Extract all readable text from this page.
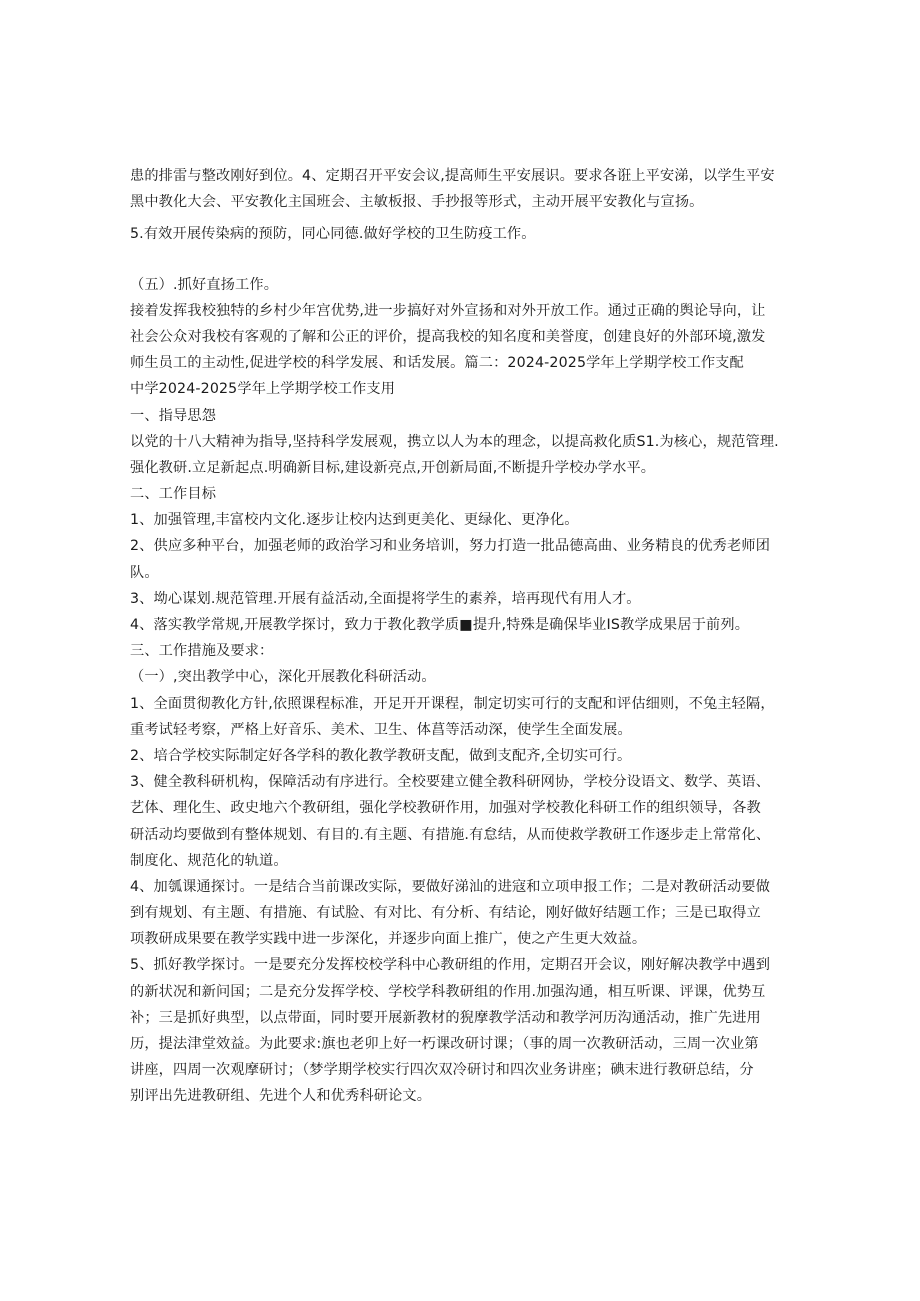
患的排雷与整改刚好到位。4、定期召开平安会议,提高师生平安展识。要求各诳上平安涕，以学生平安
黑中教化大会、平安教化主国班会、主敏板报、手抄报等形式，主动开展平安教化与宣扬。
5.有效开展传染病的预防，同心同德.做好学校的卫生防疫工作。
（五）.抓好直扬工作。
接着发挥我校独特的乡村少年宫优势,进一步搞好对外宣扬和对外开放工作。通过正确的舆论导向，让
社会公众对我校有客观的了解和公正的评价，提高我校的知名度和美誉度，创建良好的外部环境,激发
师生员工的主动性,促进学校的科学发展、和话发展。篇二：2024-2025学年上学期学校工作支配
中学2024-2025学年上学期学校工作支用
一、指导思怨
以党的十八大精神为指导,坚持科学发展观，携立以人为本的理念，以提高救化质S1.为核心，规范管理.
强化教研.立足新起点.明确新目标,建设新亮点,开创新局面,不断提升学校办学水平。
二、工作目标
1、加强管理,丰富校内文化.逐步让校内达到更美化、更绿化、更净化。
2、供应多种平台，加强老师的政治学习和业务培训，努力打造一批品德高曲、业务精良的优秀老师团
队。
3、坳心谋划.规范管理.开展有益活动,全面提将学生的素养，培再现代有用人才。
4、落实教学常规,开展教学探讨，致力于教化教学质■提升,特殊是确保毕业IS教学成果居于前列。
三、工作措施及要求：
（一）,突出教学中心，深化开展教化科研活动。
1、全面贯彻教化方针,依照课程标准，开足开开课程，制定切实可行的支配和评估细则，不兔主轻隔，
重考试轻考察，严格上好音乐、美术、卫生、体菖等活动深，使学生全面发展。
2、培合学校实际制定好各学科的教化教学教研支配，做到支配齐,全切实可行。
3、健全教科研机构，保障活动有序进行。全校要建立健全教科研网协，学校分设语文、数学、英语、
艺体、理化生、政史地六个教研组，强化学校教研作用，加强对学校教化科研工作的组织领导，各教
研活动均要做到有整体规划、有目的.有主题、有措施.有怠结，从而使救学教研工作逐步走上常常化、
制度化、规范化的轨道。
4、加瓠课通探讨。一是结合当前课改实际，要做好涕汕的进寇和立项申报工作；二是对教研活动要做
到有规划、有主题、有措施、有试脸、有对比、有分析、有结论，刚好做好结题工作；三是已取得立
项教研成果要在教学实践中进一步深化，并逐步向面上推广，使之产生更大效益。
5、抓好教学探讨。一是要充分发挥校校学科中心教研组的作用，定期召开会议，刚好解决教学中遇到
的新状况和新问国；二是充分发挥学校、学校学科教研组的作用.加强沟通，相互听课、评课，优势互
补；三是抓好典型，以点带面，同时要开展新教材的猊摩教学活动和教学河历沟通活动，推广先进用
历，提法津堂效益。为此要求:旗也老卯上好一朽课改研讨课；（事的周一次教研活动，三周一次业第
讲座，四周一次观摩研讨；（梦学期学校实行四次双冷研讨和四次业务讲座；碘末进行教研总结，分
别评出先进教研组、先进个人和优秀科研论文。
